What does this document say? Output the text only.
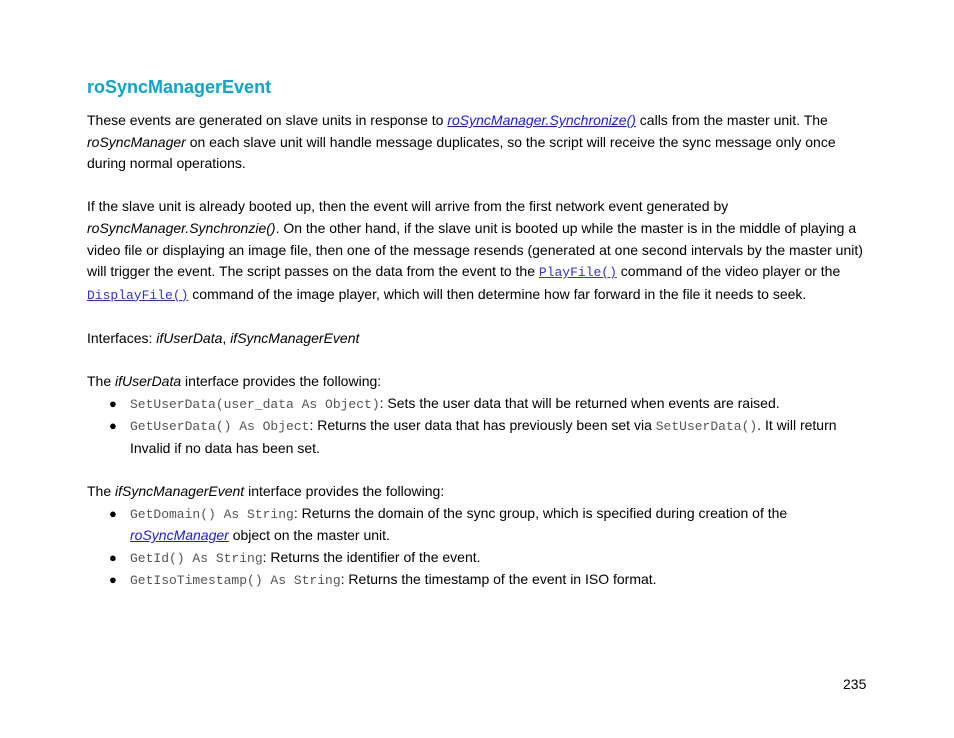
roSyncManagerEvent

These events are generated on slave units in response to roSyncManager.Synchronize() calls from the master unit. The roSyncManager on each slave unit will handle message duplicates, so the script will receive the sync message only once during normal operations.

If the slave unit is already booted up, then the event will arrive from the first network event generated by roSyncManager.Synchronzie(). On the other hand, if the slave unit is booted up while the master is in the middle of playing a video file or displaying an image file, then one of the message resends (generated at one second intervals by the master unit) will trigger the event. The script passes on the data from the event to the PlayFile() command of the video player or the DisplayFile() command of the image player, which will then determine how far forward in the file it needs to seek.

Interfaces: ifUserData, ifSyncManagerEvent

The ifUserData interface provides the following:

● SetUserData(user_data As Object): Sets the user data that will be returned when events are raised.
● GetUserData() As Object: Returns the user data that has previously been set via SetUserData(). It will return Invalid if no data has been set.

The ifSyncManagerEvent interface provides the following:

● GetDomain() As String: Returns the domain of the sync group, which is specified during creation of the roSyncManager object on the master unit.
● GetId() As String: Returns the identifier of the event.
● GetIsoTimestamp() As String: Returns the timestamp of the event in ISO format.
235
